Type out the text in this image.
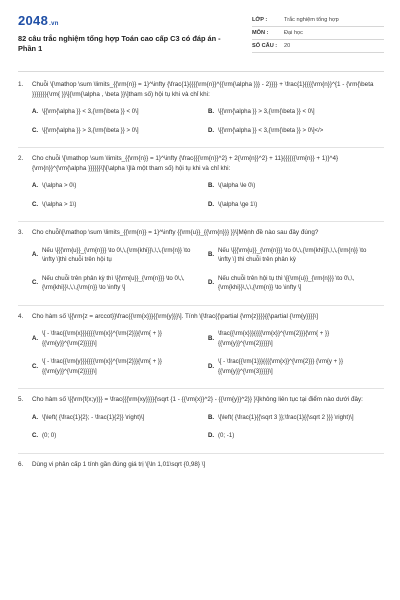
2048.vn
82 câu trắc nghiệm tổng hợp Toán cao cấp C3 có đáp án - Phần 1
LỚP :	Trắc nghiệm tổng hợp
MÔN :	Đại học
SỐ CÂU :	20
1.	Chuỗi \[\mathop \sum \limits_{{\rm{n}} = 1}^\infty {\frac{1}{{{{\rm{n}}^{{\rm{\alpha }}} - 2}}}} + \frac{1}{{{{\rm{n}}^{1 - {\rm{\beta }}}}}}}{\rm{ }}\]{\rm{\alpha , \beta }}\]tham số) hội tụ khi và chỉ khi:
A. \[{\rm{\alpha }} < 3,{\rm{\beta }} < 0\]	B. \[{\rm{\alpha }} > 3,{\rm{\beta }} < 0\]
C. \[{\rm{\alpha }} > 3,{\rm{\beta }} > 0\]	D. \[{\rm{\alpha }} < 3,{\rm{\beta }} > 0\]</>
2.	Cho chuỗi \[\mathop \sum \limits_{{\rm{n}} = 1}^\infty {\frac{{{\rm{n}}^2} + 2{\rm{n}}^2} + 11}{{{{({\rm{n}} + 1)}^4}{\rm{n}}^{\rm{\alpha }}}}}}\]\[\alpha \]là một tham số) hội tụ khi và chỉ khi:
A. \(\alpha > 0\)	B. \(\alpha \le 0\)
C. \(\alpha > 1\)	D. \(\alpha \ge 1\)
3.	Cho chuỗi\[\mathop \sum \limits_{{\rm{n}} = 1}^\infty {{\rm{u}}_{{\rm{n}}} }}\]Mệnh đề nào sau đây đúng?
A.
Nếu \[{{\rm{u}}_{\rm{n}}} \to 0\,\,{\rm{khi}}\,\,\,{\rm{n}} \to \infty \]thì chuỗi trên hội tụ
B.
Nếu \[{{\rm{u}}_{\rm{n}}} \to 0\,\,{\rm{khi}}\,\,\,{\rm{n}} \to \infty \] thì chuỗi trên phân kỳ
C.
Nếu chuỗi trên phân kỳ thì \[{\rm{u}}_{\rm{n}}} \to 0\,\,{\rm{khi}}\,\,\,{\rm{n}} \to \infty \]
D.
Nếu chuỗi trên hội tụ thì \[{\rm{u}}_{\rm{n}}} \to 0\,\,{\rm{khi}}\,\,\,{\rm{n}} \to \infty \]
4.	Cho hàm số \[{\rm{z = arccot}}\frac{{\rm{x}}}{{\rm{y}}}\]. Tính \[\frac{{\partial {\rm{z}}}}{{\partial {\rm{y}}}}\]
A.
\[ - \frac{{\rm{x}}}{{{{\rm{x}}^{\rm{2}}}{\rm{ + }}{{\rm{y}}^{\rm{2}}}}}\]
B.
\frac{{\rm{x}}}{{{{\rm{x}}^{\rm{2}}}{\rm{ + }}{{\rm{y}}^{\rm{2}}}}}\]
C.
\[ - \frac{{\rm{y}}}{{{{\rm{x}}^{\rm{2}}}{\rm{ + }}{{\rm{y}}^{\rm{2}}}}}\]
D.
\[ - \frac{{\rm{1}}}{{{{\rm{x}}^{\rm{2}}} {\rm{y + }}{{\rm{y}}^{\rm{3}}}}}\]
5.	Cho hàm số \[{\rm{f(x;y)}} = \frac{{{\rm{xy}}}}{\sqrt {1 - {{\rm{x}}^2} - {{\rm{y}}^2}} }\]không liên tục tại điểm nào dưới đây:
A. \[\left( {\frac{1}{2}; - \frac{1}{2}} \right)\]	B. \[\left( {\frac{1}{{\sqrt 3 }};\frac{1}{{\sqrt 2 }}} \right)\]
C. (0; 0)	D. (0; -1)
6.	Dùng vi phân cấp 1 tính gần đúng giá trị \[\ln 1,01\sqrt {0,98} \]
